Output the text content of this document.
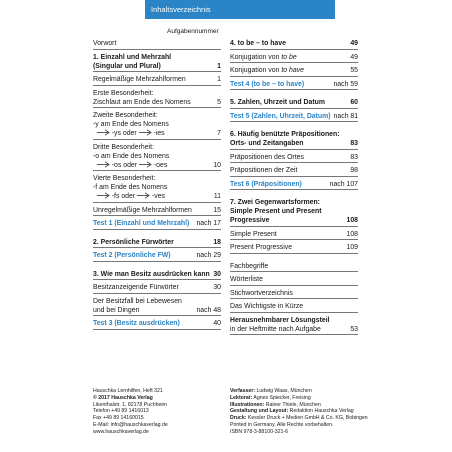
Inhaltsverzeichnis
Aufgabennummer
Vorwort
1. Einzahl und Mehrzahl
(Singular und Plural)	1
Regelmäßige Mehrzahlformen	1
Erste Besonderheit:
Zischlaut am Ende des Nomens	5
Zweite Besonderheit:
-y am Ende des Nomens
-ys oder  -ies	7
Dritte Besonderheit:
-o am Ende des Nomens
-os oder  -oes	10
Vierte Besonderheit:
-f am Ende des Nomens
-fs oder  -ves	11
Unregelmäßige Mehrzahlformen	15
Test 1 (Einzahl und Mehrzahl)	nach 17
2. Persönliche Fürwörter	18
Test 2 (Persönliche FW)	nach 29
3. Wie man Besitz ausdrücken kann 30
Besitzanzeigende Fürwörter	30
Der Besitzfall bei Lebewesen
und bei Dingen	nach 48
Test 3 (Besitz ausdrücken)	40
4. to be – to have	49
Konjugation von to be	49
Konjugation von to have	55
Test 4 (to be – to have)	nach 59
5. Zahlen, Uhrzeit und Datum	60
Test 5 (Zahlen, Uhrzeit, Datum) nach 81
6. Häufig benützte Präpositionen:
Orts- und Zeitangaben	83
Präpositionen des Ortes	83
Präpositionen der Zeit	98
Test 6 (Präpositionen)	nach 107
7. Zwei Gegenwartsformen:
Simple Present und Present
Progressive	108
Simple Present	108
Present Progressive	109
Fachbegriffe
Wörterliste
Stichwortverzeichnis
Das Wichtigste in Kürze
Herausnehmbarer Lösungsteil
in der Heftmitte nach Aufgabe	53
Hauschka Lernhilfen, Heft 321
© 2017 Hauschka Verlag
Likenthalstr. 1, 82178 Puchheim
Telefon +49 89 1416013
Fax +49 89 14160015
E-Mail: info@hauschkaverlag.de
www.hauschkaverlag.de
Verfasser: Ludwig Waas, München
Lektorat: Agnes Spiecker, Freising
Illustrationen: Rainer Thiele, München
Gestaltung und Layout: Redaktion Hauschka Verlag
Druck: Kessler Druck + Medien GmbH & Co. KG, Bobingen
Printed in Germany. Alle Rechte vorbehalten.
ISBN 978-3-88100-321-6
